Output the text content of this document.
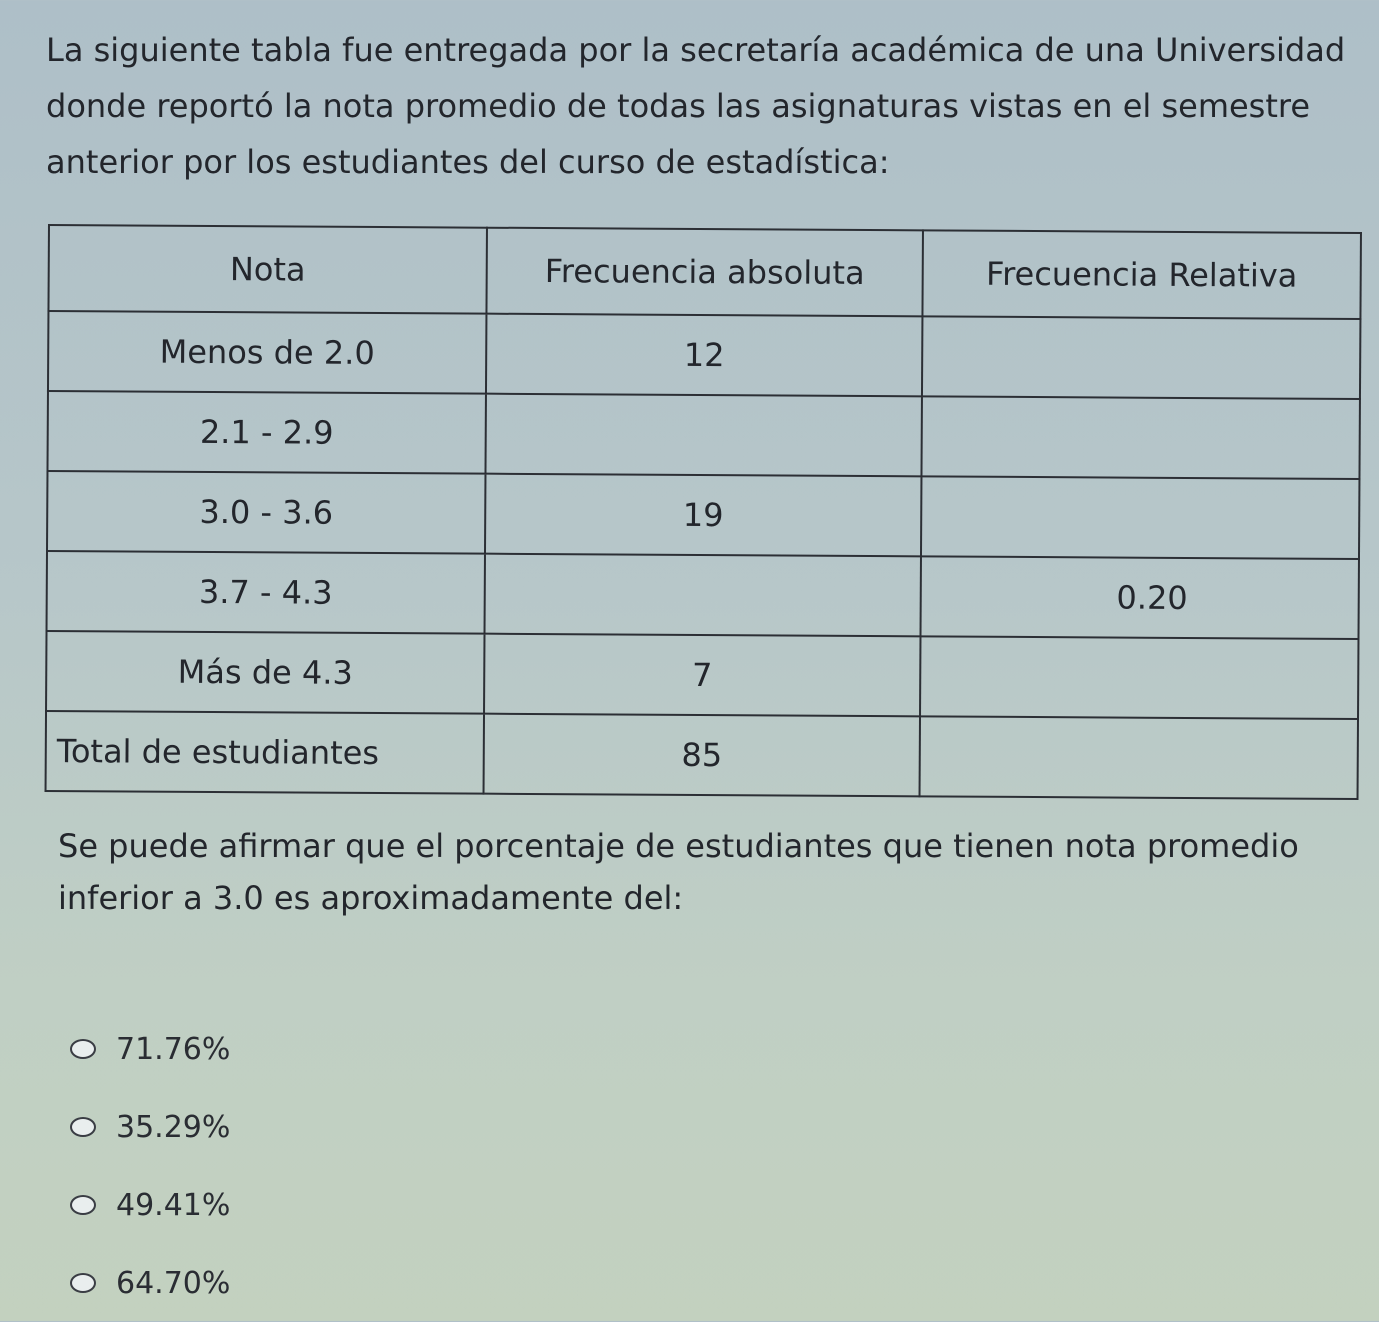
La siguiente tabla fue entregada por la secretaría académica de una Universidad donde reportó la nota promedio de todas las asignaturas vistas en el semestre anterior por los estudiantes del curso de estadística:

Nota	Frecuencia absoluta	Frecuencia Relativa
Menos de 2.0	12	
2.1 - 2.9		
3.0 - 3.6	19	
3.7 - 4.3		0.20
Más de 4.3	7	
Total de estudiantes	85	

Se puede afirmar que el porcentaje de estudiantes que tienen nota promedio inferior a 3.0 es aproximadamente del:

71.76%
35.29%
49.41%
64.70%
